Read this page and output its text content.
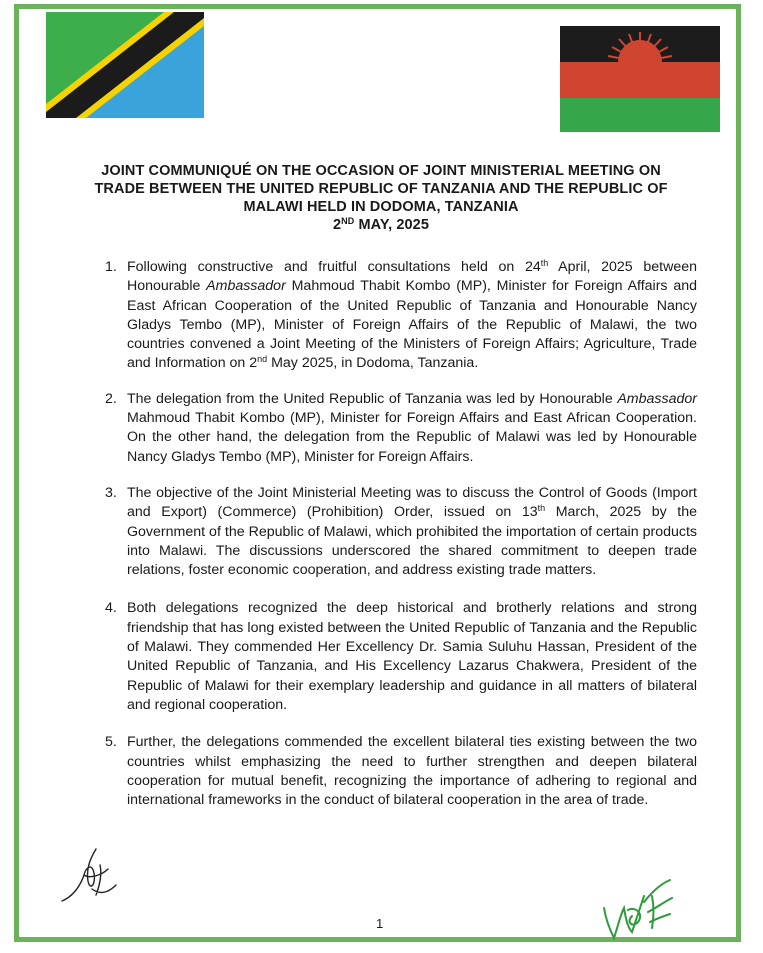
JOINT COMMUNIQUÉ ON THE OCCASION OF JOINT MINISTERIAL MEETING ON
TRADE BETWEEN THE UNITED REPUBLIC OF TANZANIA AND THE REPUBLIC OF
MALAWI HELD IN DODOMA, TANZANIA
2ND MAY, 2025
1. Following constructive and fruitful consultations held on 24th April, 2025 between Honourable Ambassador Mahmoud Thabit Kombo (MP), Minister for Foreign Affairs and East African Cooperation of the United Republic of Tanzania and Honourable Nancy Gladys Tembo (MP), Minister of Foreign Affairs of the Republic of Malawi, the two countries convened a Joint Meeting of the Ministers of Foreign Affairs; Agriculture, Trade and Information on 2nd May 2025, in Dodoma, Tanzania.
2. The delegation from the United Republic of Tanzania was led by Honourable Ambassador Mahmoud Thabit Kombo (MP), Minister for Foreign Affairs and East African Cooperation. On the other hand, the delegation from the Republic of Malawi was led by Honourable Nancy Gladys Tembo (MP), Minister for Foreign Affairs.
3. The objective of the Joint Ministerial Meeting was to discuss the Control of Goods (Import and Export) (Commerce) (Prohibition) Order, issued on 13th March, 2025 by the Government of the Republic of Malawi, which prohibited the importation of certain products into Malawi. The discussions underscored the shared commitment to deepen trade relations, foster economic cooperation, and address existing trade matters.
4. Both delegations recognized the deep historical and brotherly relations and strong friendship that has long existed between the United Republic of Tanzania and the Republic of Malawi. They commended Her Excellency Dr. Samia Suluhu Hassan, President of the United Republic of Tanzania, and His Excellency Lazarus Chakwera, President of the Republic of Malawi for their exemplary leadership and guidance in all matters of bilateral and regional cooperation.
5. Further, the delegations commended the excellent bilateral ties existing between the two countries whilst emphasizing the need to further strengthen and deepen bilateral cooperation for mutual benefit, recognizing the importance of adhering to regional and international frameworks in the conduct of bilateral cooperation in the area of trade.
1
